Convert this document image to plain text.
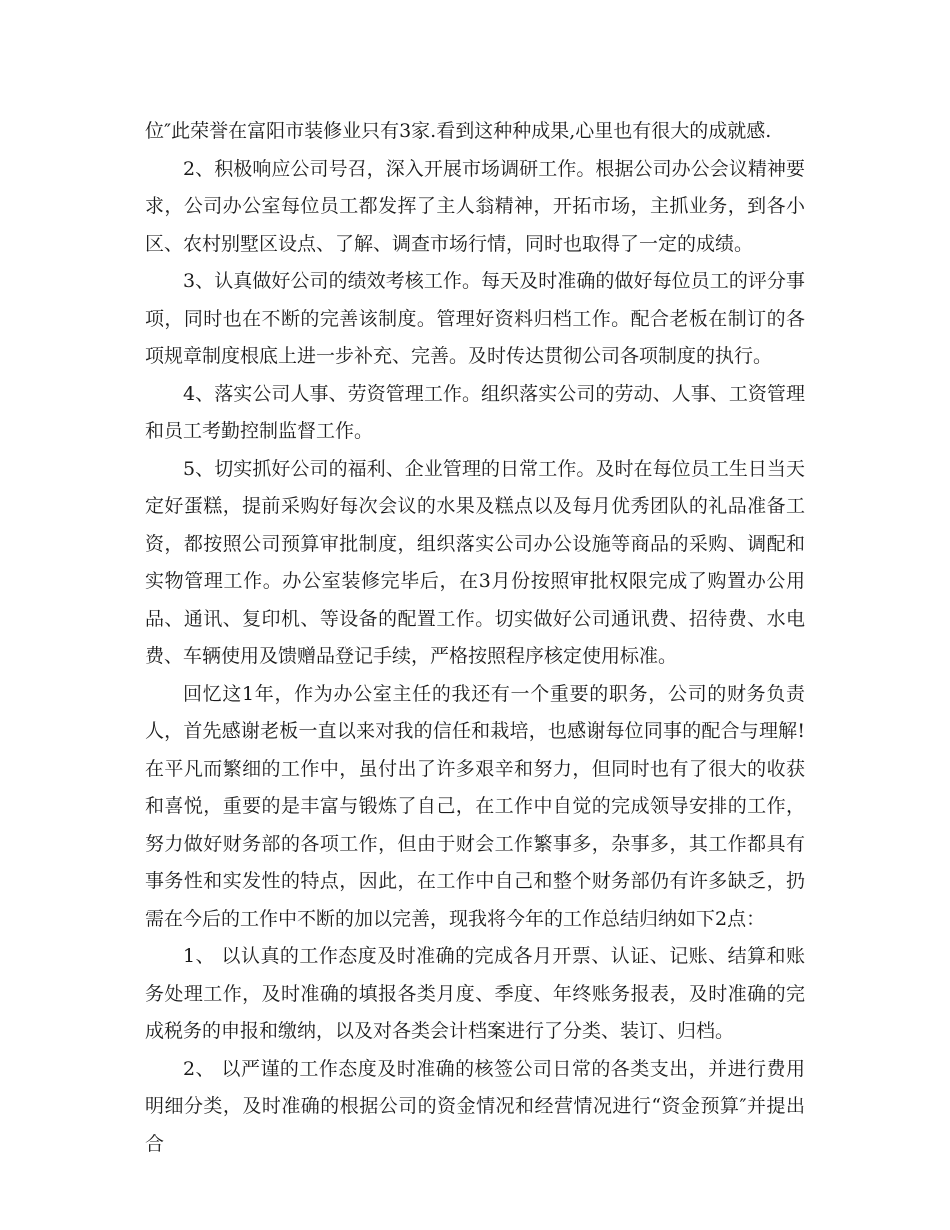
位″此荣誉在富阳市装修业只有3家.看到这种种成果,心里也有很大的成就感.

2、积极响应公司号召，深入开展市场调研工作。根据公司办公会议精神要求，公司办公室每位员工都发挥了主人翁精神，开拓市场，主抓业务，到各小区、农村别墅区设点、了解、调查市场行情，同时也取得了一定的成绩。

3、认真做好公司的绩效考核工作。每天及时准确的做好每位员工的评分事项，同时也在不断的完善该制度。管理好资料归档工作。配合老板在制订的各项规章制度根底上进一步补充、完善。及时传达贯彻公司各项制度的执行。

4、落实公司人事、劳资管理工作。组织落实公司的劳动、人事、工资管理和员工考勤控制监督工作。

5、切实抓好公司的福利、企业管理的日常工作。及时在每位员工生日当天定好蛋糕，提前采购好每次会议的水果及糕点以及每月优秀团队的礼品准备工资，都按照公司预算审批制度，组织落实公司办公设施等商品的采购、调配和实物管理工作。办公室装修完毕后，在3月份按照审批权限完成了购置办公用品、通讯、复印机、等设备的配置工作。切实做好公司通讯费、招待费、水电费、车辆使用及馈赠品登记手续，严格按照程序核定使用标准。

回忆这1年，作为办公室主任的我还有一个重要的职务，公司的财务负责人，首先感谢老板一直以来对我的信任和栽培，也感谢每位同事的配合与理解!在平凡而繁细的工作中，虽付出了许多艰辛和努力，但同时也有了很大的收获和喜悦，重要的是丰富与锻炼了自己，在工作中自觉的完成领导安排的工作，努力做好财务部的各项工作，但由于财会工作繁事多，杂事多，其工作都具有事务性和实发性的特点，因此，在工作中自己和整个财务部仍有许多缺乏，扔需在今后的工作中不断的加以完善，现我将今年的工作总结归纳如下2点：

1、 以认真的工作态度及时准确的完成各月开票、认证、记账、结算和账务处理工作，及时准确的填报各类月度、季度、年终账务报表，及时准确的完成税务的申报和缴纳，以及对各类会计档案进行了分类、装订、归档。

2、 以严谨的工作态度及时准确的核签公司日常的各类支出，并进行费用明细分类，及时准确的根据公司的资金情况和经营情况进行“资金预算″并提出合
